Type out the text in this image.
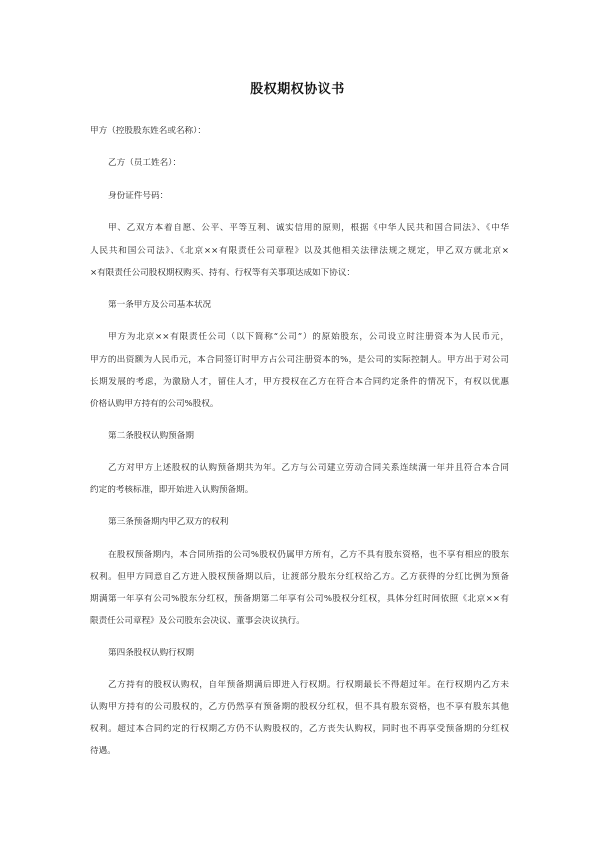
股权期权协议书
甲方（控股股东姓名或名称）：
乙方（员工姓名）：
身份证件号码：
甲、乙双方本着自愿、公平、平等互利、诚实信用的原则，根据《中华人民共和国合同法》、《中华
人民共和国公司法》、《北京××有限责任公司章程》以及其他相关法律法规之规定，甲乙双方就北京×
×有限责任公司股权期权购买、持有、行权等有关事项达成如下协议：
第一条甲方及公司基本状况
甲方为北京××有限责任公司（以下简称“公司”）的原始股东，公司设立时注册资本为人民币元，
甲方的出资额为人民币元，本合同签订时甲方占公司注册资本的%，是公司的实际控制人。甲方出于对公司
长期发展的考虑，为激励人才，留住人才，甲方授权在乙方在符合本合同约定条件的情况下，有权以优惠
价格认购甲方持有的公司%股权。
第二条股权认购预备期
乙方对甲方上述股权的认购预备期共为年。乙方与公司建立劳动合同关系连续满一年并且符合本合同
约定的考核标准，即开始进入认购预备期。
第三条预备期内甲乙双方的权利
在股权预备期内，本合同所指的公司%股权仍属甲方所有，乙方不具有股东资格，也不享有相应的股东
权利。但甲方同意自乙方进入股权预备期以后，让渡部分股东分红权给乙方。乙方获得的分红比例为预备
期满第一年享有公司%股东分红权，预备期第二年享有公司%股权分红权，具体分红时间依照《北京××有
限责任公司章程》及公司股东会决议、董事会决议执行。
第四条股权认购行权期
乙方持有的股权认购权，自年预备期满后即进入行权期。行权期最长不得超过年。在行权期内乙方未
认购甲方持有的公司股权的，乙方仍然享有预备期的股权分红权，但不具有股东资格，也不享有股东其他
权利。超过本合同约定的行权期乙方仍不认购股权的，乙方丧失认购权，同时也不再享受预备期的分红权
待遇。
